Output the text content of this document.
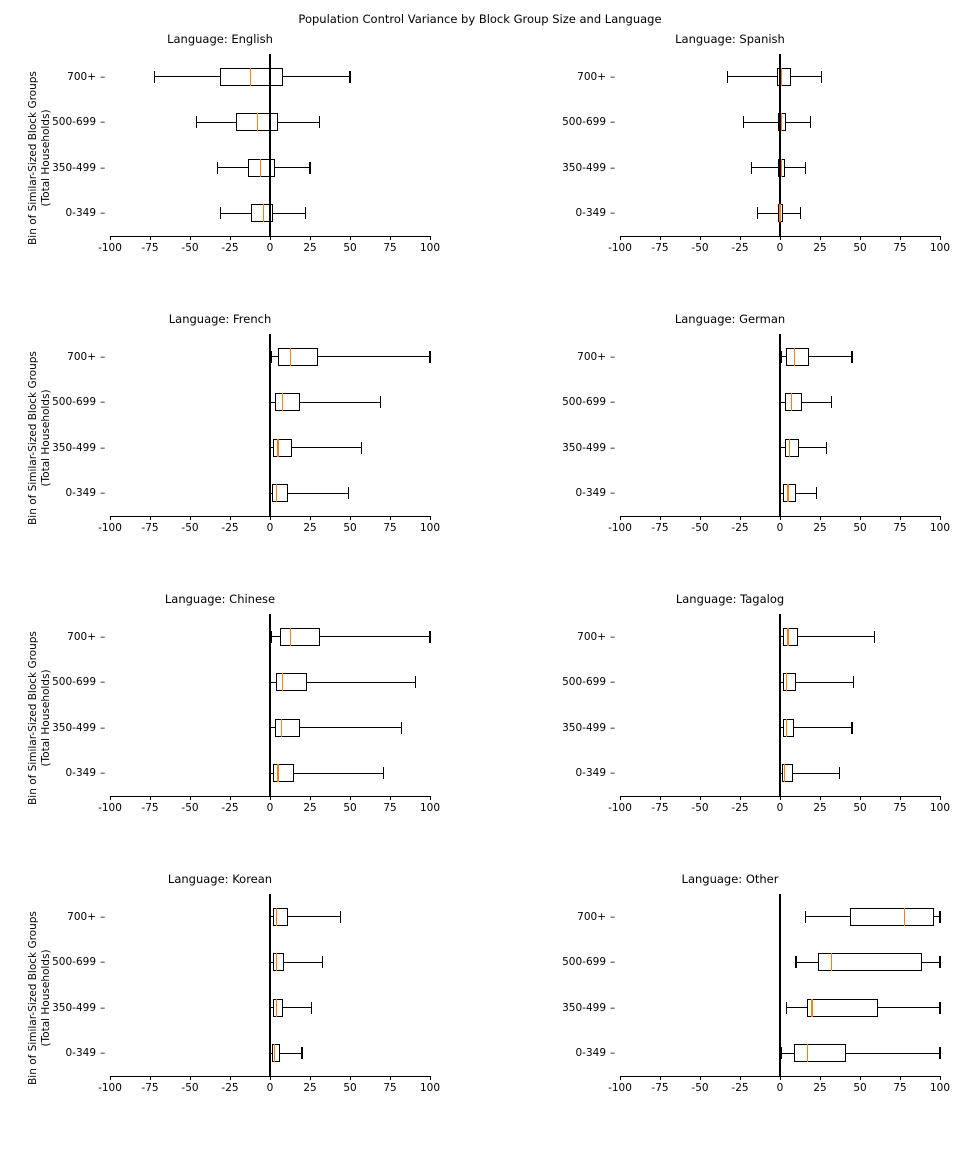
Population Control Variance by Block Group Size and Language
Language: English
Bin of Similar-Sized Block Groups
(Total Households)
-100	-75	-50	-25	0	25	50	75	100
700+ –
500-699 –
350-499 –
0-349 –
Language: Spanish
-100	-75	-50	-25	0	25	50	75	100
700+ –
500-699 –
350-499 –
0-349 –
Language: French
Bin of Similar-Sized Block Groups
(Total Households)
-100	-75	-50	-25	0	25	50	75	100
700+ –
500-699 –
350-499 –
0-349 –
Language: German
-100	-75	-50	-25	0	25	50	75	100
700+ –
500-699 –
350-499 –
0-349 –
Language: Chinese
Bin of Similar-Sized Block Groups
(Total Households)
-100	-75	-50	-25	0	25	50	75	100
700+ –
500-699 –
350-499 –
0-349 –
Language: Tagalog
-100	-75	-50	-25	0	25	50	75	100
700+ –
500-699 –
350-499 –
0-349 –
Language: Korean
Bin of Similar-Sized Block Groups
(Total Households)
-100	-75	-50	-25	0	25	50	75	100
700+ –
500-699 –
350-499 –
0-349 –
Language: Other
-100	-75	-50	-25	0	25	50	75	100
700+ –
500-699 –
350-499 –
0-349 –
